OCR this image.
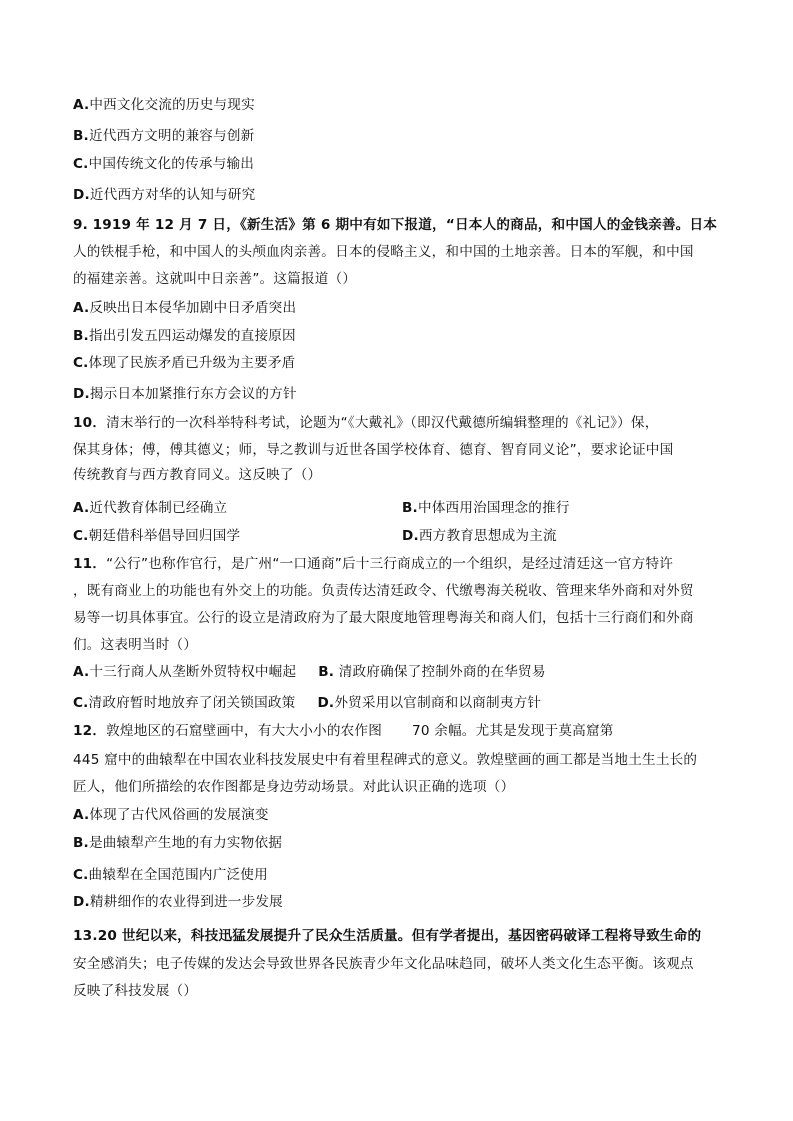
A.中西文化交流的历史与现实
B.近代西方文明的兼容与创新
C.中国传统文化的传承与输出
D.近代西方对华的认知与研究
9. 1919 年 12 月 7 日，《新生活》第 6 期中有如下报道，“日本人的商品，和中国人的金钱亲善。日本
人的铁棍手枪，和中国人的头颅血肉亲善。日本的侵略主义，和中国的土地亲善。日本的军舰，和中国
的福建亲善。这就叫中日亲善”。这篇报道（）
A.反映出日本侵华加剧中日矛盾突出
B.指出引发五四运动爆发的直接原因
C.体现了民族矛盾已升级为主要矛盾
D.揭示日本加紧推行东方会议的方针
10．清末举行的一次科举特科考试，论题为“《大戴礼》（即汉代戴德所编辑整理的《礼记》）保，
保其身体；傅，傅其德义；师，导之教训与近世各国学校体育、德育、智育同义论”，要求论证中国
传统教育与西方教育同义。这反映了（）
A.近代教育体制已经确立	B.中体西用治国理念的推行
C.朝廷借科举倡导回归国学	D.西方教育思想成为主流
11．“公行”也称作官行，是广州“一口通商”后十三行商成立的一个组织，是经过清廷这一官方特许
，既有商业上的功能也有外交上的功能。负责传达清廷政令、代缴粤海关税收、管理来华外商和对外贸
易等一切具体事宜。公行的设立是清政府为了最大限度地管理粤海关和商人们，包括十三行商们和外商
们。这表明当时（）
A.十三行商人从垄断外贸特权中崛起 B. 清政府确保了控制外商的在华贸易
C.清政府暂时地放弃了闭关锁国政策 D.外贸采用以官制商和以商制夷方针
12．敦煌地区的石窟壁画中，有大大小小的农作图 70 余幅。尤其是发现于莫高窟第
445 窟中的曲辕犁在中国农业科技发展史中有着里程碑式的意义。敦煌壁画的画工都是当地土生土长的
匠人，他们所描绘的农作图都是身边劳动场景。对此认识正确的选项（）
A.体现了古代风俗画的发展演变
B.是曲辕犁产生地的有力实物依据
C.曲辕犁在全国范围内广泛使用
D.精耕细作的农业得到进一步发展
13.20 世纪以来，科技迅猛发展提升了民众生活质量。但有学者提出，基因密码破译工程将导致生命的
安全感消失；电子传媒的发达会导致世界各民族青少年文化品味趋同，破坏人类文化生态平衡。该观点
反映了科技发展（）
